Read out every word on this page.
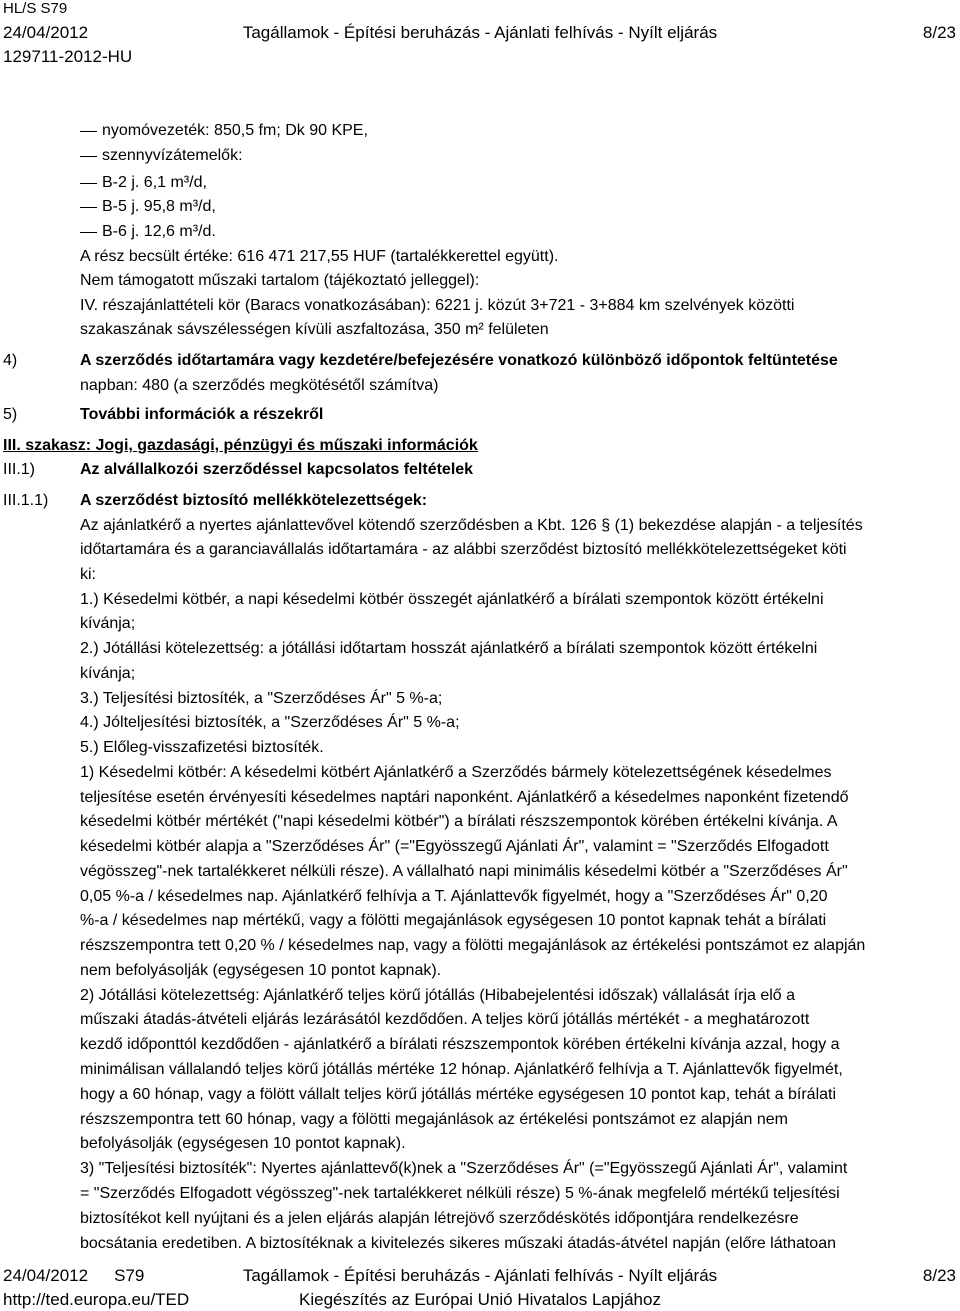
HL/S S79
24/04/2012	Tagállamok - Építési beruházás - Ajánlati felhívás - Nyílt eljárás	8/23
129711-2012-HU
nyomóvezeték: 850,5 fm; Dk 90 KPE,
szennyvízátemelők:
B-2 j. 6,1 m³/d,
B-5 j. 95,8 m³/d,
B-6 j. 12,6 m³/d.
A rész becsült értéke: 616 471 217,55 HUF (tartalékkerettel együtt).
Nem támogatott műszaki tartalom (tájékoztató jelleggel):
IV. részajánlattételi kör (Baracs vonatkozásában): 6221 j. közút 3+721 - 3+884 km szelvények közötti
szakaszának sávszélességen kívüli aszfaltozása, 350 m² felületen
4)	A szerződés időtartamára vagy kezdetére/befejezésére vonatkozó különböző időpontok feltüntetése
napban: 480 (a szerződés megkötésétől számítva)
5)	További információk a részekről
III. szakasz: Jogi, gazdasági, pénzügyi és műszaki információk
III.1)	Az alvállalkozói szerződéssel kapcsolatos feltételek
III.1.1) A szerződést biztosító mellékkötelezettségek:
Az ajánlatkérő a nyertes ajánlattevővel kötendő szerződésben a Kbt. 126 § (1) bekezdése alapján - a teljesítés
időtartamára és a garanciavállalás időtartamára - az alábbi szerződést biztosító mellékkötelezettségeket köti
ki:
1.) Késedelmi kötbér, a napi késedelmi kötbér összegét ajánlatkérő a bírálati szempontok között értékelni
kívánja;
2.) Jótállási kötelezettség: a jótállási időtartam hosszát ajánlatkérő a bírálati szempontok között értékelni
kívánja;
3.) Teljesítési biztosíték, a "Szerződéses Ár" 5 %-a;
4.) Jólteljesítési biztosíték, a "Szerződéses Ár" 5 %-a;
5.) Előleg-visszafizetési biztosíték.
1) Késedelmi kötbér: A késedelmi kötbért Ajánlatkérő a Szerződés bármely kötelezettségének késedelmes
teljesítése esetén érvényesíti késedelmes naptári naponként. Ajánlatkérő a késedelmes naponként fizetendő
késedelmi kötbér mértékét ("napi késedelmi kötbér") a bírálati részszempontok körében értékelni kívánja. A
késedelmi kötbér alapja a "Szerződéses Ár" (="Egyösszegű Ajánlati Ár", valamint = "Szerződés Elfogadott
végösszeg"-nek tartalékkeret nélküli része). A vállalható napi minimális késedelmi kötbér a "Szerződéses Ár"
0,05 %-a / késedelmes nap. Ajánlatkérő felhívja a T. Ajánlattevők figyelmét, hogy a "Szerződéses Ár" 0,20
%-a / késedelmes nap mértékű, vagy a fölötti megajánlások egységesen 10 pontot kapnak tehát a bírálati
részszempontra tett 0,20 % / késedelmes nap, vagy a fölötti megajánlások az értékelési pontszámot ez alapján
nem befolyásolják (egységesen 10 pontot kapnak).
2) Jótállási kötelezettség: Ajánlatkérő teljes körű jótállás (Hibabejelentési időszak) vállalását írja elő a
műszaki átadás-átvételi eljárás lezárásától kezdődően. A teljes körű jótállás mértékét - a meghatározott
kezdő időponttól kezdődően - ajánlatkérő a bírálati részszempontok körében értékelni kívánja azzal, hogy a
minimálisan vállalandó teljes körű jótállás mértéke 12 hónap. Ajánlatkérő felhívja a T. Ajánlattevők figyelmét,
hogy a 60 hónap, vagy a fölött vállalt teljes körű jótállás mértéke egységesen 10 pontot kap, tehát a bírálati
részszempontra tett 60 hónap, vagy a fölötti megajánlások az értékelési pontszámot ez alapján nem
befolyásolják (egységesen 10 pontot kapnak).
3) "Teljesítési biztosíték": Nyertes ajánlattevő(k)nek a "Szerződéses Ár" (="Egyösszegű Ajánlati Ár", valamint
= "Szerződés Elfogadott végösszeg"-nek tartalékkeret nélküli része) 5 %-ának megfelelő mértékű teljesítési
biztosítékot kell nyújtani és a jelen eljárás alapján létrejövő szerződéskötés időpontjára rendelkezésre
bocsátania eredetiben. A biztosítéknak a kivitelezés sikeres műszaki átadás-átvétel napján (előre láthatoan
24/04/2012 S79	Tagállamok - Építési beruházás - Ajánlati felhívás - Nyílt eljárás	8/23
http://ted.europa.eu/TED	Kiegészítés az Európai Unió Hivatalos Lapjához
